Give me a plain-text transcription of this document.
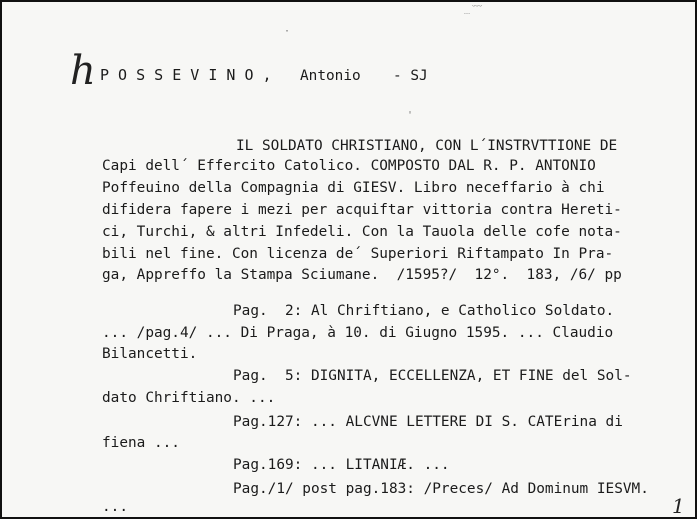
﹍﹋
·
'
h P O S S E V I N O , Antonio - SJ
IL SOLDATO CHRISTIANO, CON L´INSTRVTTIONE DE
Capi dell´ Effercito Catolico. COMPOSTO DAL R. P. ANTONIO
Poffeuino della Compagnia di GIESV. Libro neceffario à chi
difidera fapere i mezi per acquiftar vittoria contra Hereti-
ci, Turchi, & altri Infedeli. Con la Tauola delle cofe nota-
bili nel fine. Con licenza de´ Superiori Riftampato In Pra-
ga, Appreffo la Stampa Sciumane.  /1595?/  12°.  183, /6/ pp
Pag.  2: Al Chriftiano, e Catholico Soldato.
... /pag.4/ ... Di Praga, à 10. di Giugno 1595. ... Claudio
Bilancetti.
Pag.  5: DIGNITA, ECCELLENZA, ET FINE del Sol-
dato Chriftiano. ...
Pag.127: ... ALCVNE LETTERE DI S. CATErina di
fiena ...
Pag.169: ... LITANIÆ. ...
Pag./1/ post pag.183: /Preces/ Ad Dominum IESVM.
...	1
